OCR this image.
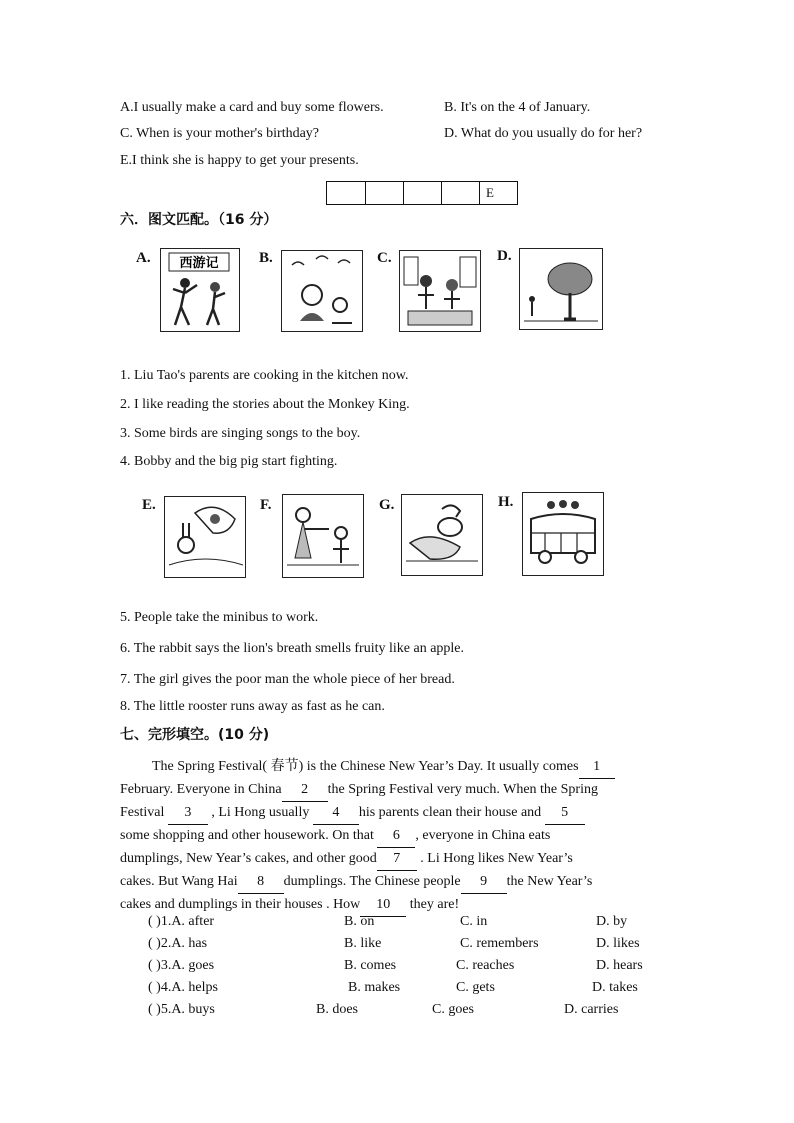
A.I usually make a card and buy some flowers.	B. It's on the 4 of January.
C. When is your mother's birthday?	D. What do you usually do for her?
E.I think she is happy to get your presents.
E
六．图文匹配。（16 分）
A. 西游记	B.	C.	D.
1. Liu Tao's parents are cooking in the kitchen now.
2. I like reading the stories about the Monkey King.
3. Some birds are singing songs to the boy.
4. Bobby and the big pig start fighting.
E.	F.	G.	H.
5. People take the minibus to work.
6. The rabbit says the lion's breath smells fruity like an apple.
7. The girl gives the poor man the whole piece of her bread.
8. The little rooster runs away as fast as he can.
七、完形填空。(10 分)
The Spring Festival( 春节) is the Chinese New Year’s Day. It usually comes 1
February. Everyone in China 2 the Spring Festival very much. When the Spring
Festival 3 , Li Hong usually 4 his parents clean their house and 5
some shopping and other housework. On that 6 , everyone in China eats
dumplings, New Year’s cakes, and other good 7 . Li Hong likes New Year’s
cakes. But Wang Hai 8 dumplings. The Chinese people 9 the New Year’s
cakes and dumplings in their houses . How 10 they are!
( )1.A. after	B. on	C. in	D. by
( )2.A. has	B. like	C. remembers	D. likes
( )3.A. goes	B. comes	C. reaches	D. hears
( )4.A. helps	B. makes	C. gets	D. takes
( )5.A. buys	B. does	C. goes	D. carries
